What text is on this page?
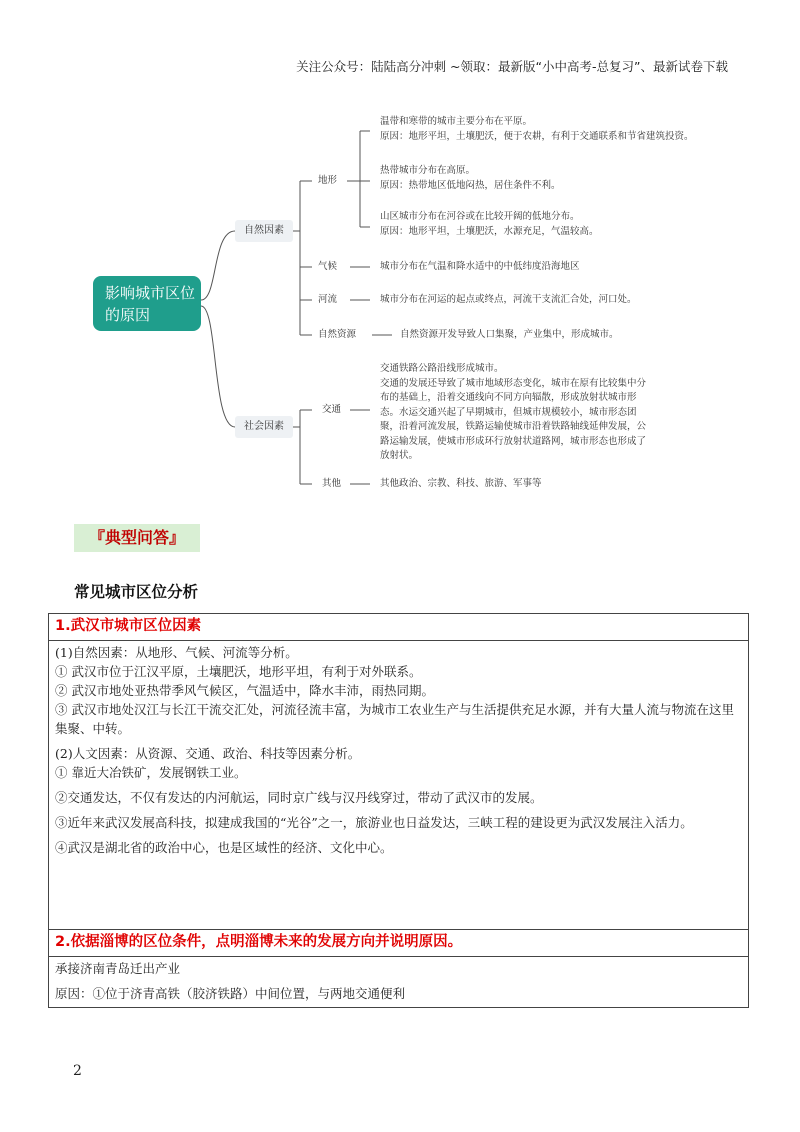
关注公众号：陆陆高分冲刺 ~领取：最新版“小中高考-总复习”、最新试卷下载
影响城市区位的原因
自然因素
地形
温带和寒带的城市主要分布在平原。
原因：地形平坦，土壤肥沃，便于农耕，有利于交通联系和节省建筑投资。
热带城市分布在高原。
原因：热带地区低地闷热，居住条件不利。
山区城市分布在河谷或在比较开阔的低地分布。
原因：地形平坦，土壤肥沃，水源充足，气温较高。
气候	城市分布在气温和降水适中的中低纬度沿海地区
河流	城市分布在河运的起点或终点，河流干支流汇合处，河口处。
自然资源	自然资源开发导致人口集聚，产业集中，形成城市。
社会因素
交通
交通铁路公路沿线形成城市。
交通的发展还导致了城市地域形态变化，城市在原有比较集中分布的基础上，沿着交通线向不同方向辐散，形成放射状城市形态。水运交通兴起了早期城市，但城市规模较小，城市形态团聚，沿着河流发展，铁路运输使城市沿着铁路轴线延伸发展，公路运输发展，使城市形成环行放射状道路网，城市形态也形成了放射状。
其他	其他政治、宗教、科技、旅游、军事等
『典型问答』
常见城市区位分析
1.武汉市城市区位因素

(1)自然因素：从地形、气候、河流等分析。

① 武汉市位于江汉平原，土壤肥沃，地形平坦，有利于对外联系。

② 武汉市地处亚热带季风气候区，气温适中，降水丰沛，雨热同期。

③ 武汉市地处汉江与长江干流交汇处，河流径流丰富，为城市工农业生产与生活提供充足水源，并有大量人流与物流在这里集聚、中转。

(2)人文因素：从资源、交通、政治、科技等因素分析。

① 靠近大冶铁矿，发展钢铁工业。

②交通发达，不仅有发达的内河航运，同时京广线与汉丹线穿过，带动了武汉市的发展。

③近年来武汉发展高科技，拟建成我国的“光谷”之一，旅游业也日益发达，三峡工程的建设更为武汉发展注入活力。

④武汉是湖北省的政治中心，也是区域性的经济、文化中心。

2.依据淄博的区位条件，点明淄博未来的发展方向并说明原因。

承接济南青岛迁出产业

原因：①位于济青高铁（胶济铁路）中间位置，与两地交通便利

2
